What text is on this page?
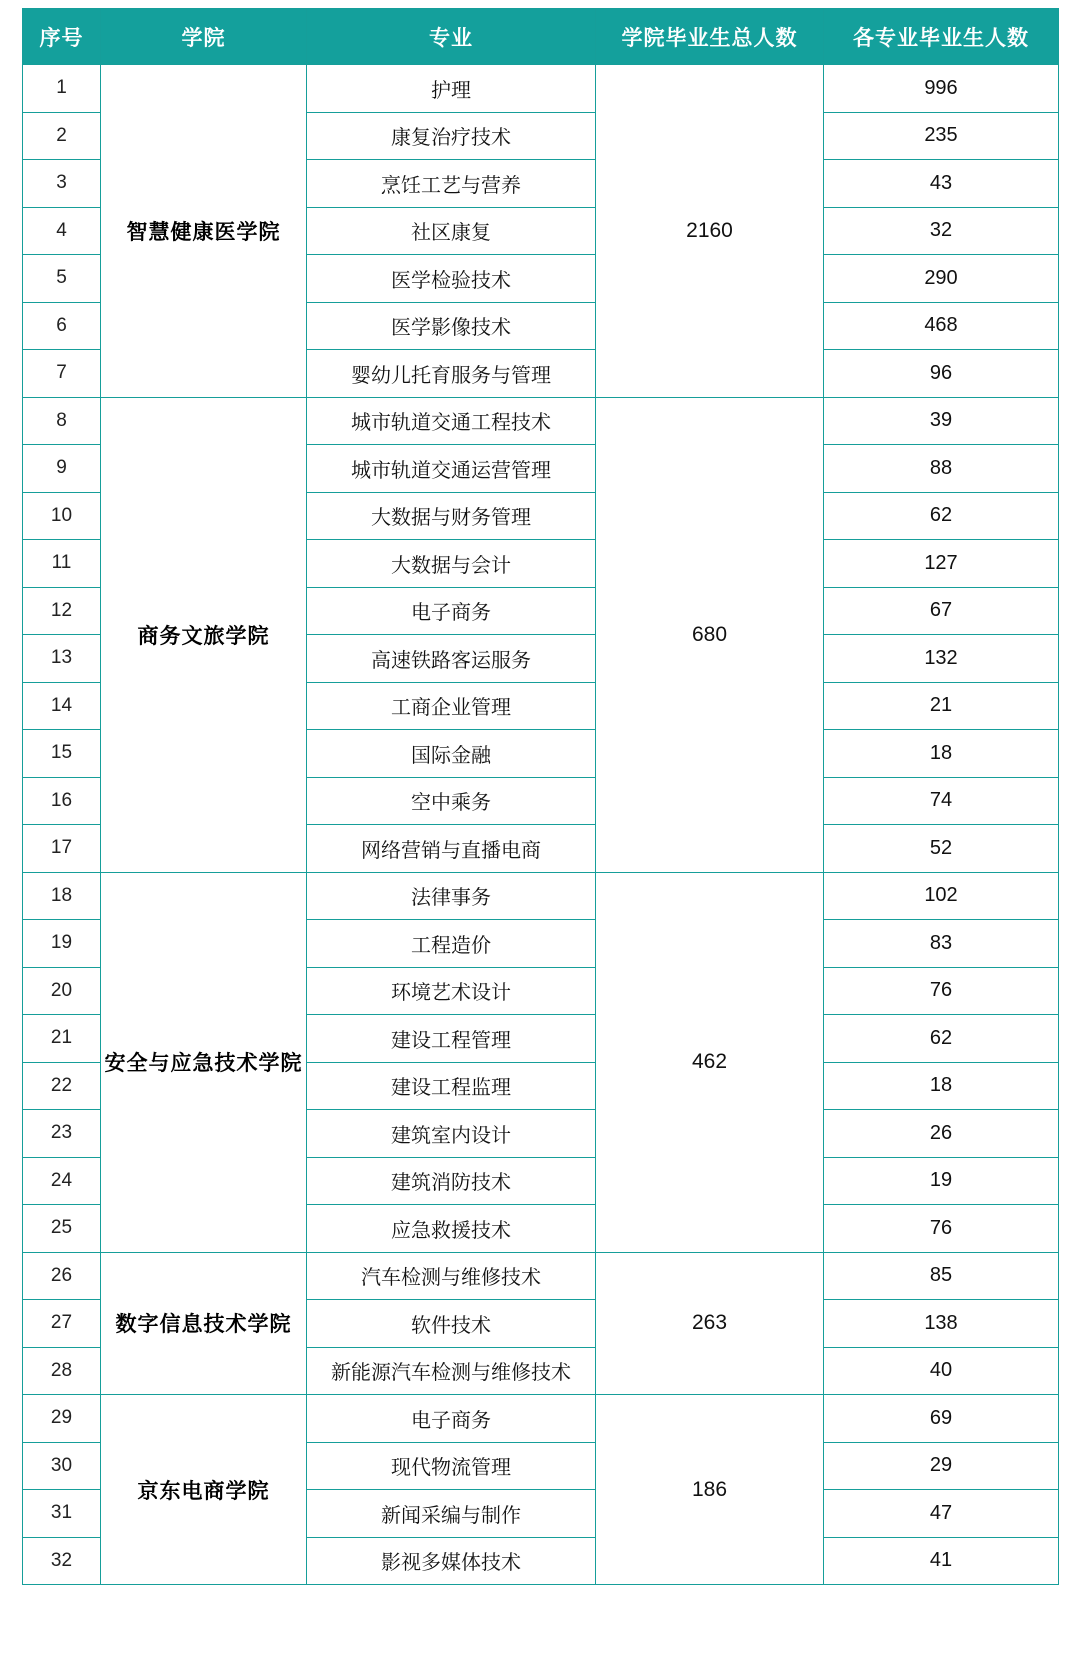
序号	学院	专业	学院毕业生总人数	各专业毕业生人数
1	智慧健康医学院	护理	2160	996
2		康复治疗技术		235
3		烹饪工艺与营养		43
4		社区康复		32
5		医学检验技术		290
6		医学影像技术		468
7		婴幼儿托育服务与管理		96
8	商务文旅学院	城市轨道交通工程技术	680	39
9		城市轨道交通运营管理		88
10		大数据与财务管理		62
11		大数据与会计		127
12		电子商务		67
13		高速铁路客运服务		132
14		工商企业管理		21
15		国际金融		18
16		空中乘务		74
17		网络营销与直播电商		52
18	安全与应急技术学院	法律事务	462	102
19		工程造价		83
20		环境艺术设计		76
21		建设工程管理		62
22		建设工程监理		18
23		建筑室内设计		26
24		建筑消防技术		19
25		应急救援技术		76
26	数字信息技术学院	汽车检测与维修技术	263	85
27		软件技术		138
28		新能源汽车检测与维修技术		40
29	京东电商学院	电子商务	186	69
30		现代物流管理		29
31		新闻采编与制作		47
32		影视多媒体技术		41
